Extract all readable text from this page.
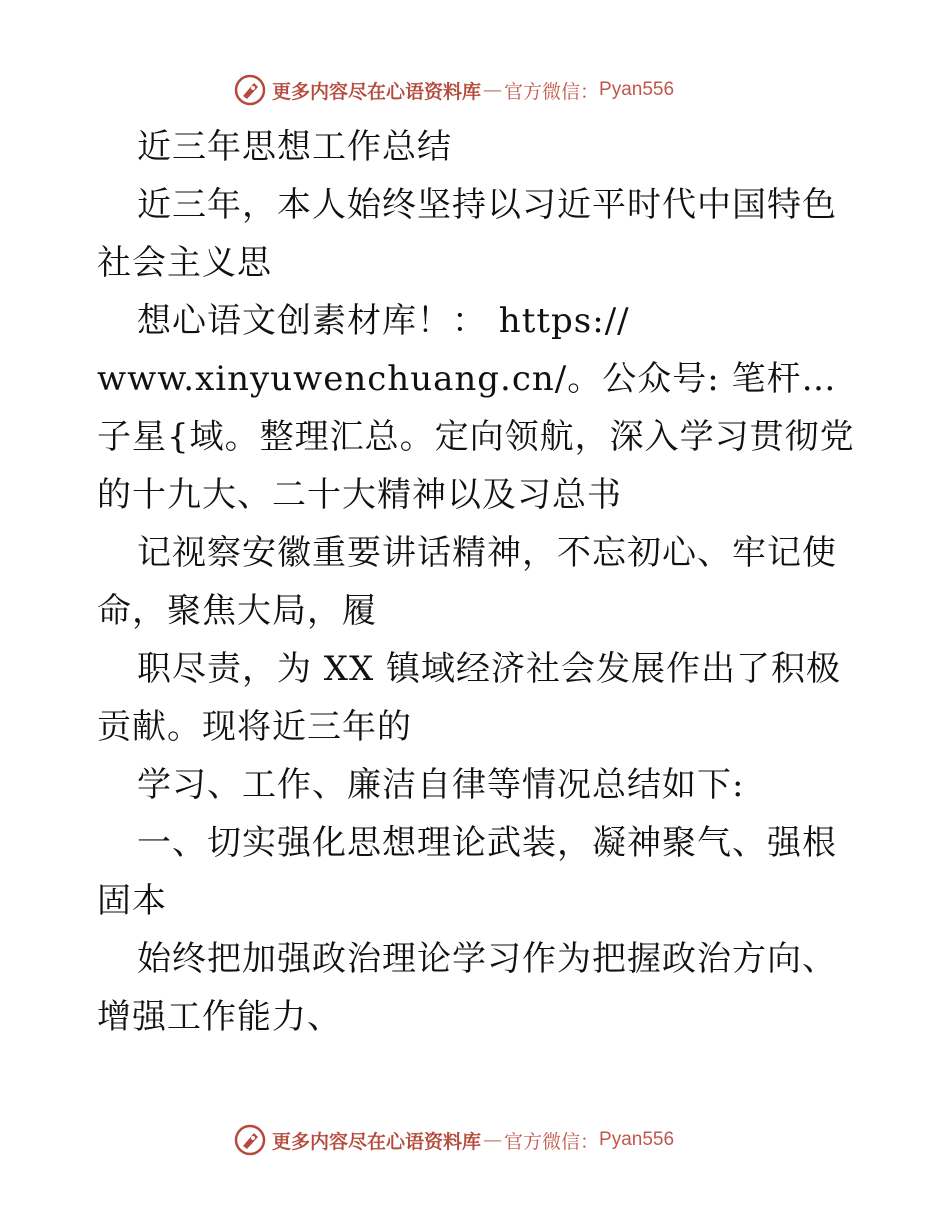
更多内容尽在心语资料库 — 官方微信： Pyan556

近三年思想工作总结

近三年，本人始终坚持以习近平时代中国特色社会主义思

想心语文创素材库！： https://                 www.xinyuwenchuang.cn/。公众号: 笔杆…子星{域。整理汇总。定向领航，深入学习贯彻党的十九大、二十大精神以及习总书

记视察安徽重要讲话精神，不忘初心、牢记使命，聚焦大局，履

职尽责，为 XX 镇域经济社会发展作出了积极贡献。现将近三年的

学习、工作、廉洁自律等情况总结如下:

一、切实强化思想理论武装，凝神聚气、强根固本

始终把加强政治理论学习作为把握政治方向、增强工作能力、

更多内容尽在心语资料库 — 官方微信： Pyan556
